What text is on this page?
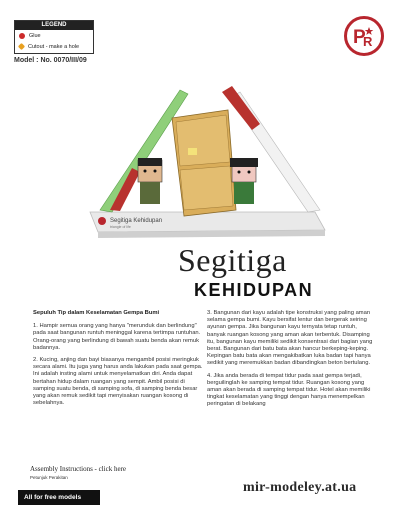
LEGEND
Glue
Cutout - make a hole
Model : No. 0070/III/09
P
R
Segitiga Kehidupan
triangle of life
Segitiga
KEHIDUPAN

Sepuluh Tip dalam Keselamatan Gempa Bumi

1. Hampir semua orang yang hanya "merunduk dan berlindung" pada saat bangunan runtuh meninggal karena tertimpa runtuhan. Orang-orang yang berlindung di bawah suatu benda akan remuk badannya.

2. Kucing, anjing dan bayi biasanya mengambil posisi meringkuk secara alami. Itu juga yang harus anda lakukan pada saat gempa. Ini adalah insting alami untuk menyelamatkan diri. Anda dapat bertahan hidup dalam ruangan yang sempit. Ambil posisi di samping suatu benda, di samping sofa, di samping benda besar yang akan remuk sedikit tapi menyisakan ruangan kosong di sebelahnya.

3. Bangunan dari kayu adalah tipe konstruksi yang paling aman selama gempa bumi. Kayu bersifat lentur dan bergerak seiring ayunan gempa. Jika bangunan kayu ternyata tetap runtuh, banyak ruangan kosong yang aman akan terbentuk. Disamping itu, bangunan kayu memiliki sedikit konsentrasi dari bagian yang berat. Bangunan dari batu bata akan hancur berkeping-keping. Kepingan batu bata akan mengakibatkan luka badan tapi hanya sedikit yang meremukkan badan dibandingkan beton bertulang.

4. Jika anda berada di tempat tidur pada saat gempa terjadi, berguilinglah ke samping tempat tidur. Ruangan kosong yang aman akan berada di samping tempat tidur. Hotel akan memiliki tingkat keselamatan yang tinggi dengan hanya menempelkan peringatan di belakang

Assembly Instructions - click here
Petunjuk Perakitan
All for free models
mir-modeley.at.ua
